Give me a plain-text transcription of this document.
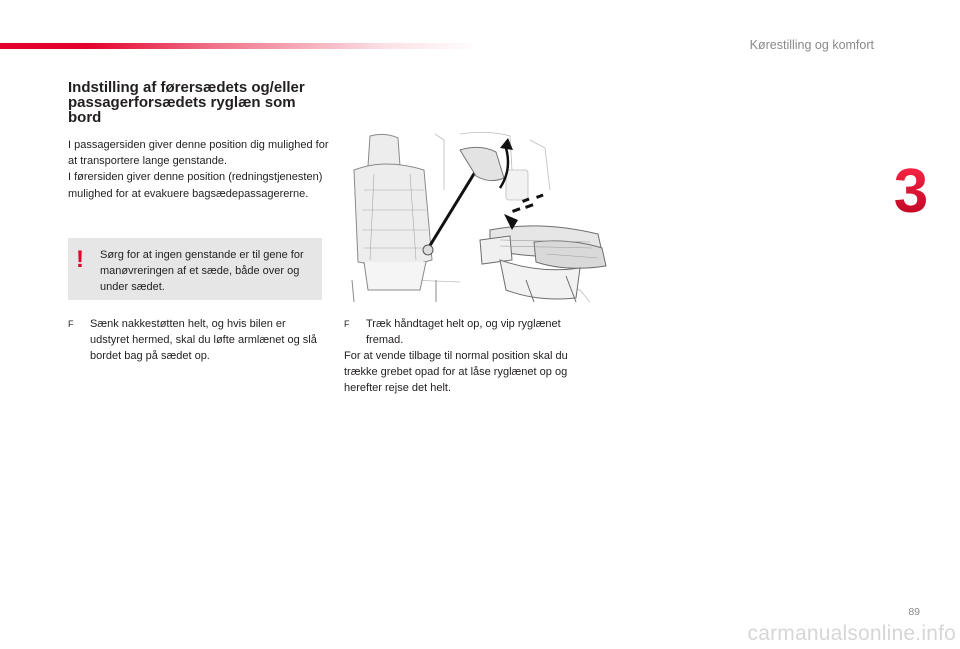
Kørestilling og komfort
3
Indstilling af førersædets og/eller passagerforsædets ryglæn som bord

I passagersiden giver denne position dig mulighed for at transportere lange genstande.
I førersiden giver denne position (redningstjenesten) mulighed for at evakuere bagsædepassagererne.

! Sørg for at ingen genstande er til gene for manøvreringen af et sæde, både over og under sædet.

F	Sænk nakkestøtten helt, og hvis bilen er udstyret hermed, skal du løfte armlænet og slå bordet bag på sædet op.

F	Træk håndtaget helt op, og vip ryglænet fremad.

For at vende tilbage til normal position skal du trække grebet opad for at låse ryglænet op og herefter rejse det helt.

89
carmanualsonline.info
